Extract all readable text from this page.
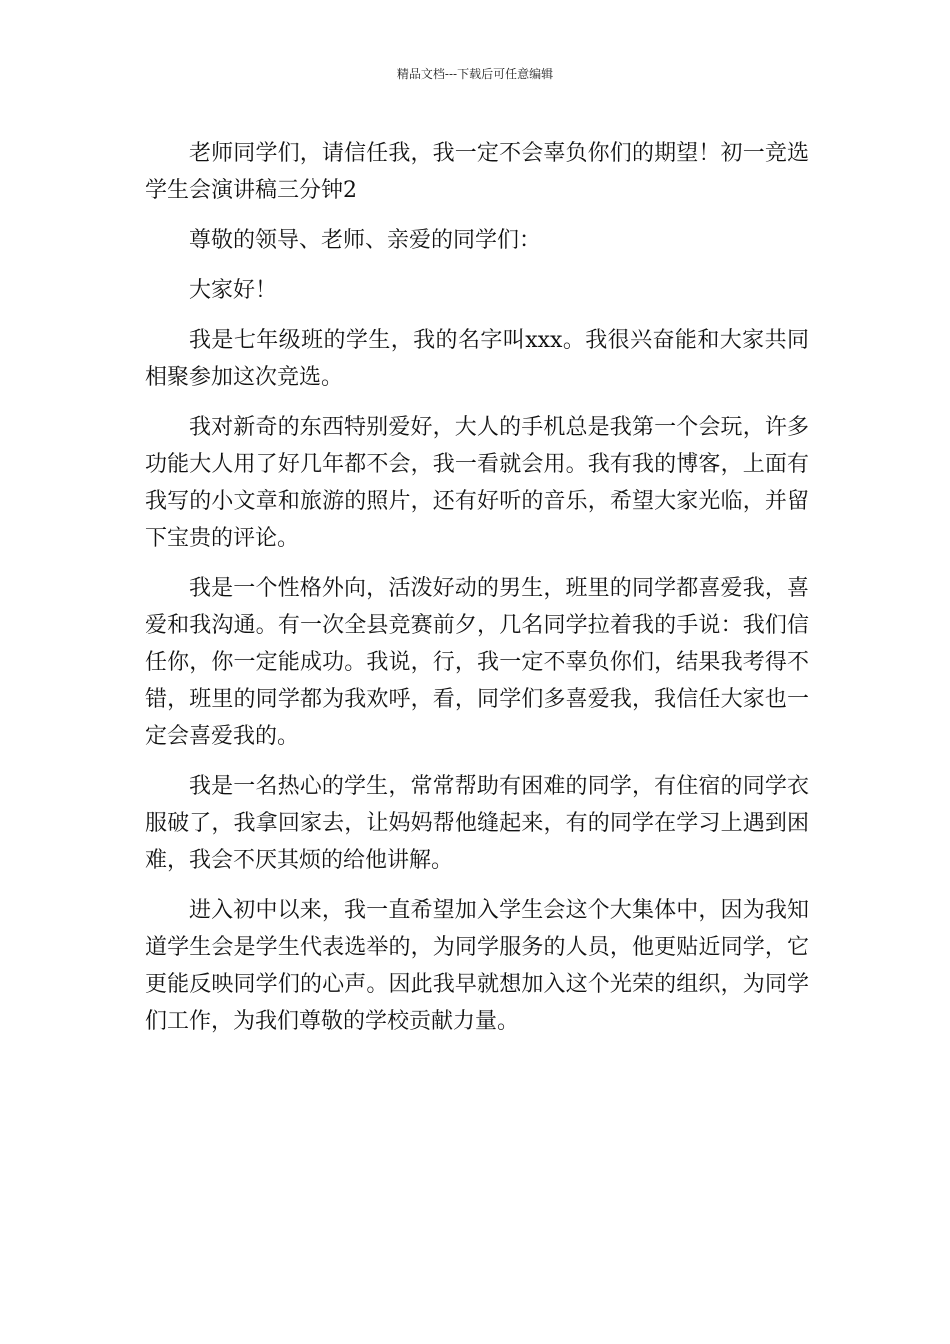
精品文档---下载后可任意编辑

老师同学们，请信任我，我一定不会辜负你们的期望！初一竞选学生会演讲稿三分钟2

尊敬的领导、老师、亲爱的同学们：

大家好！

我是七年级班的学生，我的名字叫xxx。我很兴奋能和大家共同相聚参加这次竞选。

我对新奇的东西特别爱好，大人的手机总是我第一个会玩，许多功能大人用了好几年都不会，我一看就会用。我有我的博客，上面有我写的小文章和旅游的照片，还有好听的音乐，希望大家光临，并留下宝贵的评论。

我是一个性格外向，活泼好动的男生，班里的同学都喜爱我，喜爱和我沟通。有一次全县竞赛前夕，几名同学拉着我的手说：我们信任你，你一定能成功。我说，行，我一定不辜负你们，结果我考得不错，班里的同学都为我欢呼，看，同学们多喜爱我，我信任大家也一定会喜爱我的。

我是一名热心的学生，常常帮助有困难的同学，有住宿的同学衣服破了，我拿回家去，让妈妈帮他缝起来，有的同学在学习上遇到困难，我会不厌其烦的给他讲解。

进入初中以来，我一直希望加入学生会这个大集体中，因为我知道学生会是学生代表选举的，为同学服务的人员，他更贴近同学，它更能反映同学们的心声。因此我早就想加入这个光荣的组织，为同学们工作，为我们尊敬的学校贡献力量。
